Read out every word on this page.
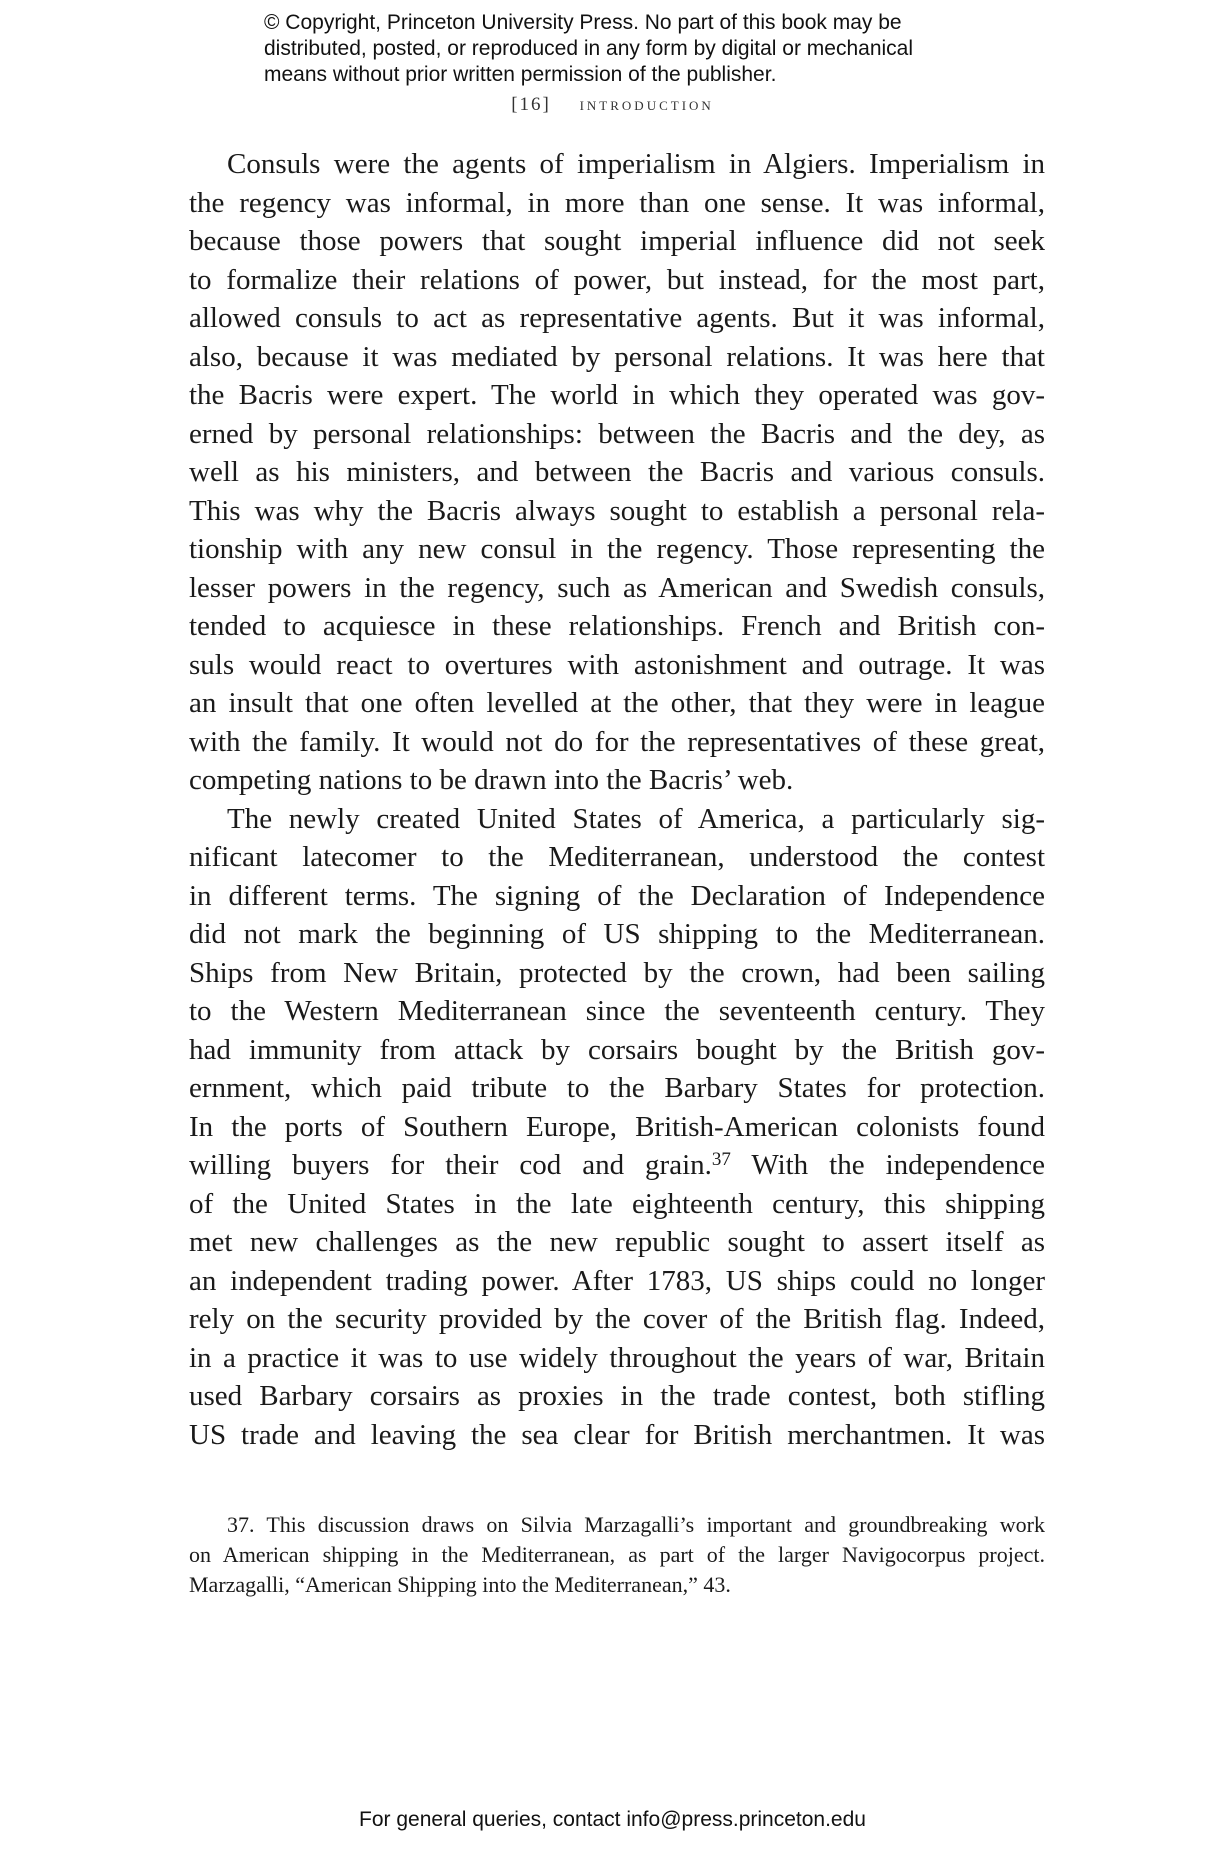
© Copyright, Princeton University Press. No part of this book may be
distributed, posted, or reproduced in any form by digital or mechanical
means without prior written permission of the publisher.
[16] introduction

Consuls were the agents of imperialism in Algiers. Imperialism in
the regency was informal, in more than one sense. It was informal,
because those powers that sought imperial influence did not seek
to formalize their relations of power, but instead, for the most part,
allowed consuls to act as representative agents. But it was informal,
also, because it was mediated by personal relations. It was here that
the Bacris were expert. The world in which they operated was gov-
erned by personal relationships: between the Bacris and the dey, as
well as his ministers, and between the Bacris and various consuls.
This was why the Bacris always sought to establish a personal rela-
tionship with any new consul in the regency. Those representing the
lesser powers in the regency, such as American and Swedish consuls,
tended to acquiesce in these relationships. French and British con-
suls would react to overtures with astonishment and outrage. It was
an insult that one often levelled at the other, that they were in league
with the family. It would not do for the representatives of these great,
competing nations to be drawn into the Bacris’ web.

The newly created United States of America, a particularly sig-
nificant latecomer to the Mediterranean, understood the contest
in different terms. The signing of the Declaration of Independence
did not mark the beginning of US shipping to the Mediterranean.
Ships from New Britain, protected by the crown, had been sailing
to the Western Mediterranean since the seventeenth century. They
had immunity from attack by corsairs bought by the British gov-
ernment, which paid tribute to the Barbary States for protection.
In the ports of Southern Europe, British-American colonists found
willing buyers for their cod and grain.$^{37}$ With the independence
of the United States in the late eighteenth century, this shipping
met new challenges as the new republic sought to assert itself as
an independent trading power. After 1783, US ships could no longer
rely on the security provided by the cover of the British flag. Indeed,
in a practice it was to use widely throughout the years of war, Britain
used Barbary corsairs as proxies in the trade contest, both stifling
US trade and leaving the sea clear for British merchantmen. It was

37. This discussion draws on Silvia Marzagalli’s important and groundbreaking work
on American shipping in the Mediterranean, as part of the larger Navigocorpus project.
Marzagalli, “American Shipping into the Mediterranean,” 43.
For general queries, contact info@press.princeton.edu
